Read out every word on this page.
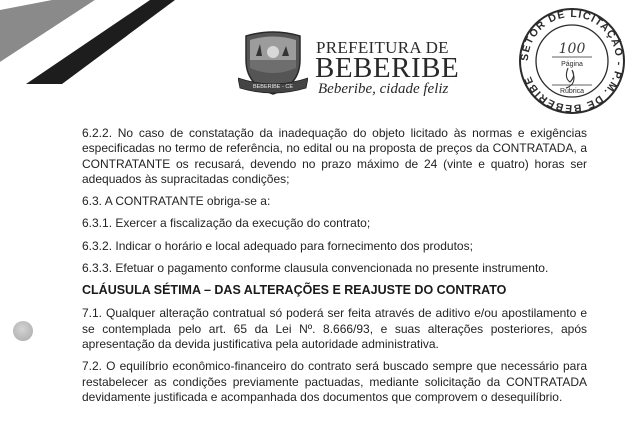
BEBERIBE - CE
PREFEITURA DE
BEBERIBE
Beberibe, cidade feliz
SETOR DE LICITAÇÃO - P.M. DE BEBERIBE
100
Página
Rúbrica

6.2.2. No caso de constatação da inadequação do objeto licitado às normas e exigências especificadas no termo de referência, no edital ou na proposta de preços da CONTRATADA, a CONTRATANTE os recusará, devendo no prazo máximo de 24 (vinte e quatro) horas ser adequados às supracitadas condições;

6.3. A CONTRATANTE obriga-se a:

6.3.1. Exercer a fiscalização da execução do contrato;

6.3.2. Indicar o horário e local adequado para fornecimento dos produtos;

6.3.3. Efetuar o pagamento conforme clausula convencionada no presente instrumento.

CLÁUSULA SÉTIMA – DAS ALTERAÇÕES E REAJUSTE DO CONTRATO

7.1. Qualquer alteração contratual só poderá ser feita através de aditivo e/ou apostilamento e se contemplada pelo art. 65 da Lei Nº. 8.666/93, e suas alterações posteriores, após apresentação da devida justificativa pela autoridade administrativa.

7.2. O equilíbrio econômico-financeiro do contrato será buscado sempre que necessário para restabelecer as condições previamente pactuadas, mediante solicitação da CONTRATADA devidamente justificada e acompanhada dos documentos que comprovem o desequilíbrio.
